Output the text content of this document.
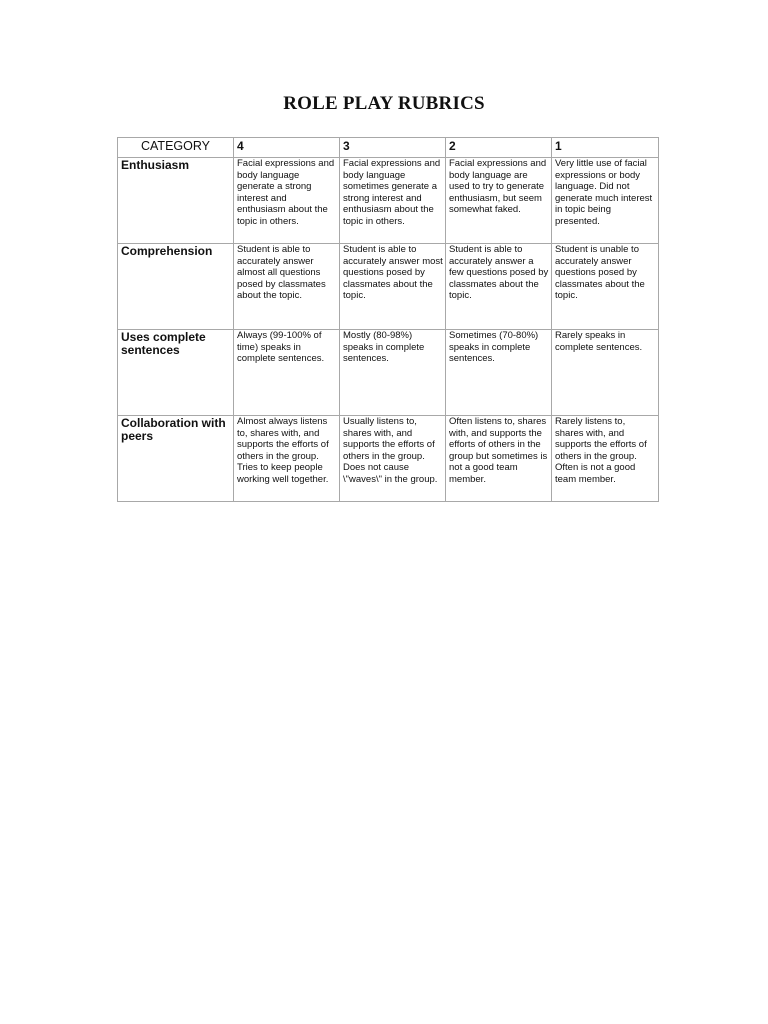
ROLE PLAY RUBRICS
CATEGORY	4	3	2	1
Enthusiasm	Facial expressions and body language generate a strong interest and enthusiasm about the topic in others.	Facial expressions and body language sometimes generate a strong interest and enthusiasm about the topic in others.	Facial expressions and body language are used to try to generate enthusiasm, but seem somewhat faked.	Very little use of facial expressions or body language. Did not generate much interest in topic being presented.
Comprehension	Student is able to accurately answer almost all questions posed by classmates about the topic.	Student is able to accurately answer most questions posed by classmates about the topic.	Student is able to accurately answer a few questions posed by classmates about the topic.	Student is unable to accurately answer questions posed by classmates about the topic.
Uses complete sentences	Always (99-100% of time) speaks in complete sentences.	Mostly (80-98%) speaks in complete sentences.	Sometimes (70-80%) speaks in complete sentences.	Rarely speaks in complete sentences.
Collaboration with peers	Almost always listens to, shares with, and supports the efforts of others in the group. Tries to keep people working well together.	Usually listens to, shares with, and supports the efforts of others in the group. Does not cause \"waves\" in the group.	Often listens to, shares with, and supports the efforts of others in the group but sometimes is not a good team member.	Rarely listens to, shares with, and supports the efforts of others in the group. Often is not a good team member.
